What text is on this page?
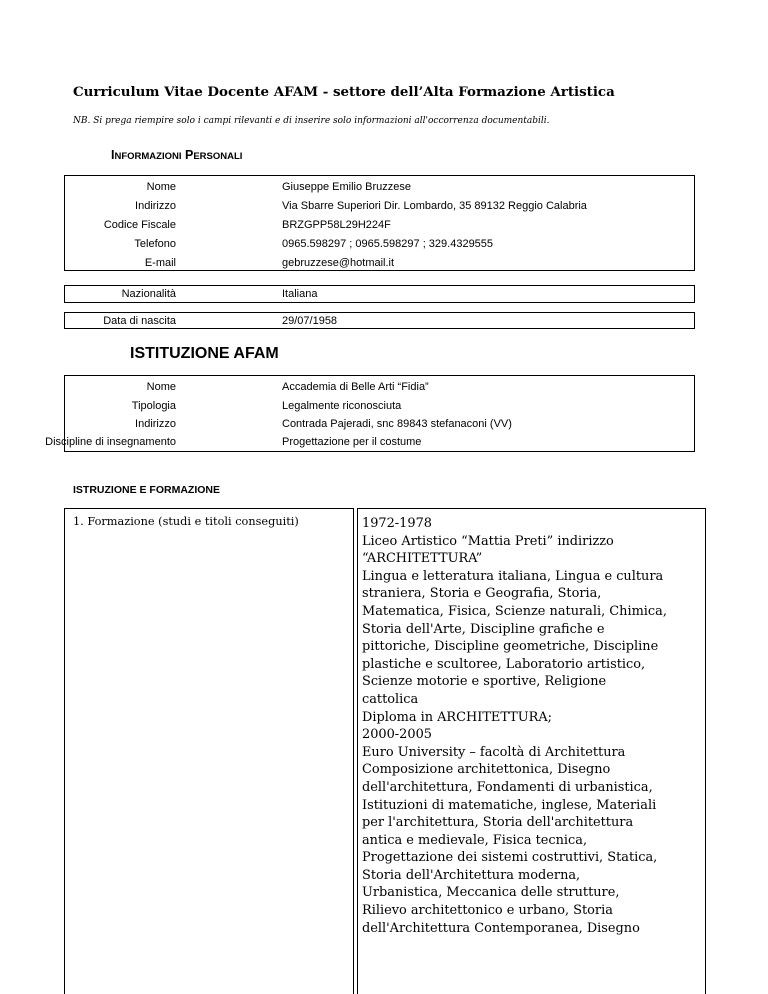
Curriculum Vitae Docente AFAM - settore dell’Alta Formazione Artistica
NB. Si prega riempire solo i campi rilevanti e di inserire solo informazioni all'occorrenza documentabili.
INFORMAZIONI PERSONALI
Nome	Giuseppe Emilio Bruzzese
Indirizzo	Via Sbarre Superiori Dir. Lombardo, 35 89132 Reggio Calabria
Codice Fiscale	BRZGPP58L29H224F
Telefono	0965.598297 ; 0965.598297 ; 329.4329555
E-mail	gebruzzese@hotmail.it
Nazionalità	Italiana
Data di nascita	29/07/1958
ISTITUZIONE AFAM
Nome	Accademia di Belle Arti “Fidia”
Tipologia	Legalmente riconosciuta
Indirizzo	Contrada Pajeradi, snc 89843 stefanaconi (VV)
Discipline di insegnamento	Progettazione per il costume
ISTRUZIONE E FORMAZIONE
1. Formazione (studi e titoli conseguiti)	1972-1978
Liceo Artistico “Mattia Preti” indirizzo
“ARCHITETTURA”
Lingua e letteratura italiana, Lingua e cultura
straniera, Storia e Geografia, Storia,
Matematica, Fisica, Scienze naturali, Chimica,
Storia dell'Arte, Discipline grafiche e
pittoriche, Discipline geometriche, Discipline
plastiche e scultoree, Laboratorio artistico,
Scienze motorie e sportive, Religione
cattolica
Diploma in ARCHITETTURA;
2000-2005
Euro University – facoltà di Architettura
Composizione architettonica, Disegno
dell'architettura, Fondamenti di urbanistica,
Istituzioni di matematiche, inglese, Materiali
per l'architettura, Storia dell'architettura
antica e medievale, Fisica tecnica,
Progettazione dei sistemi costruttivi, Statica,
Storia dell'Architettura moderna,
Urbanistica, Meccanica delle strutture,
Rilievo architettonico e urbano, Storia
dell'Architettura Contemporanea, Disegno
